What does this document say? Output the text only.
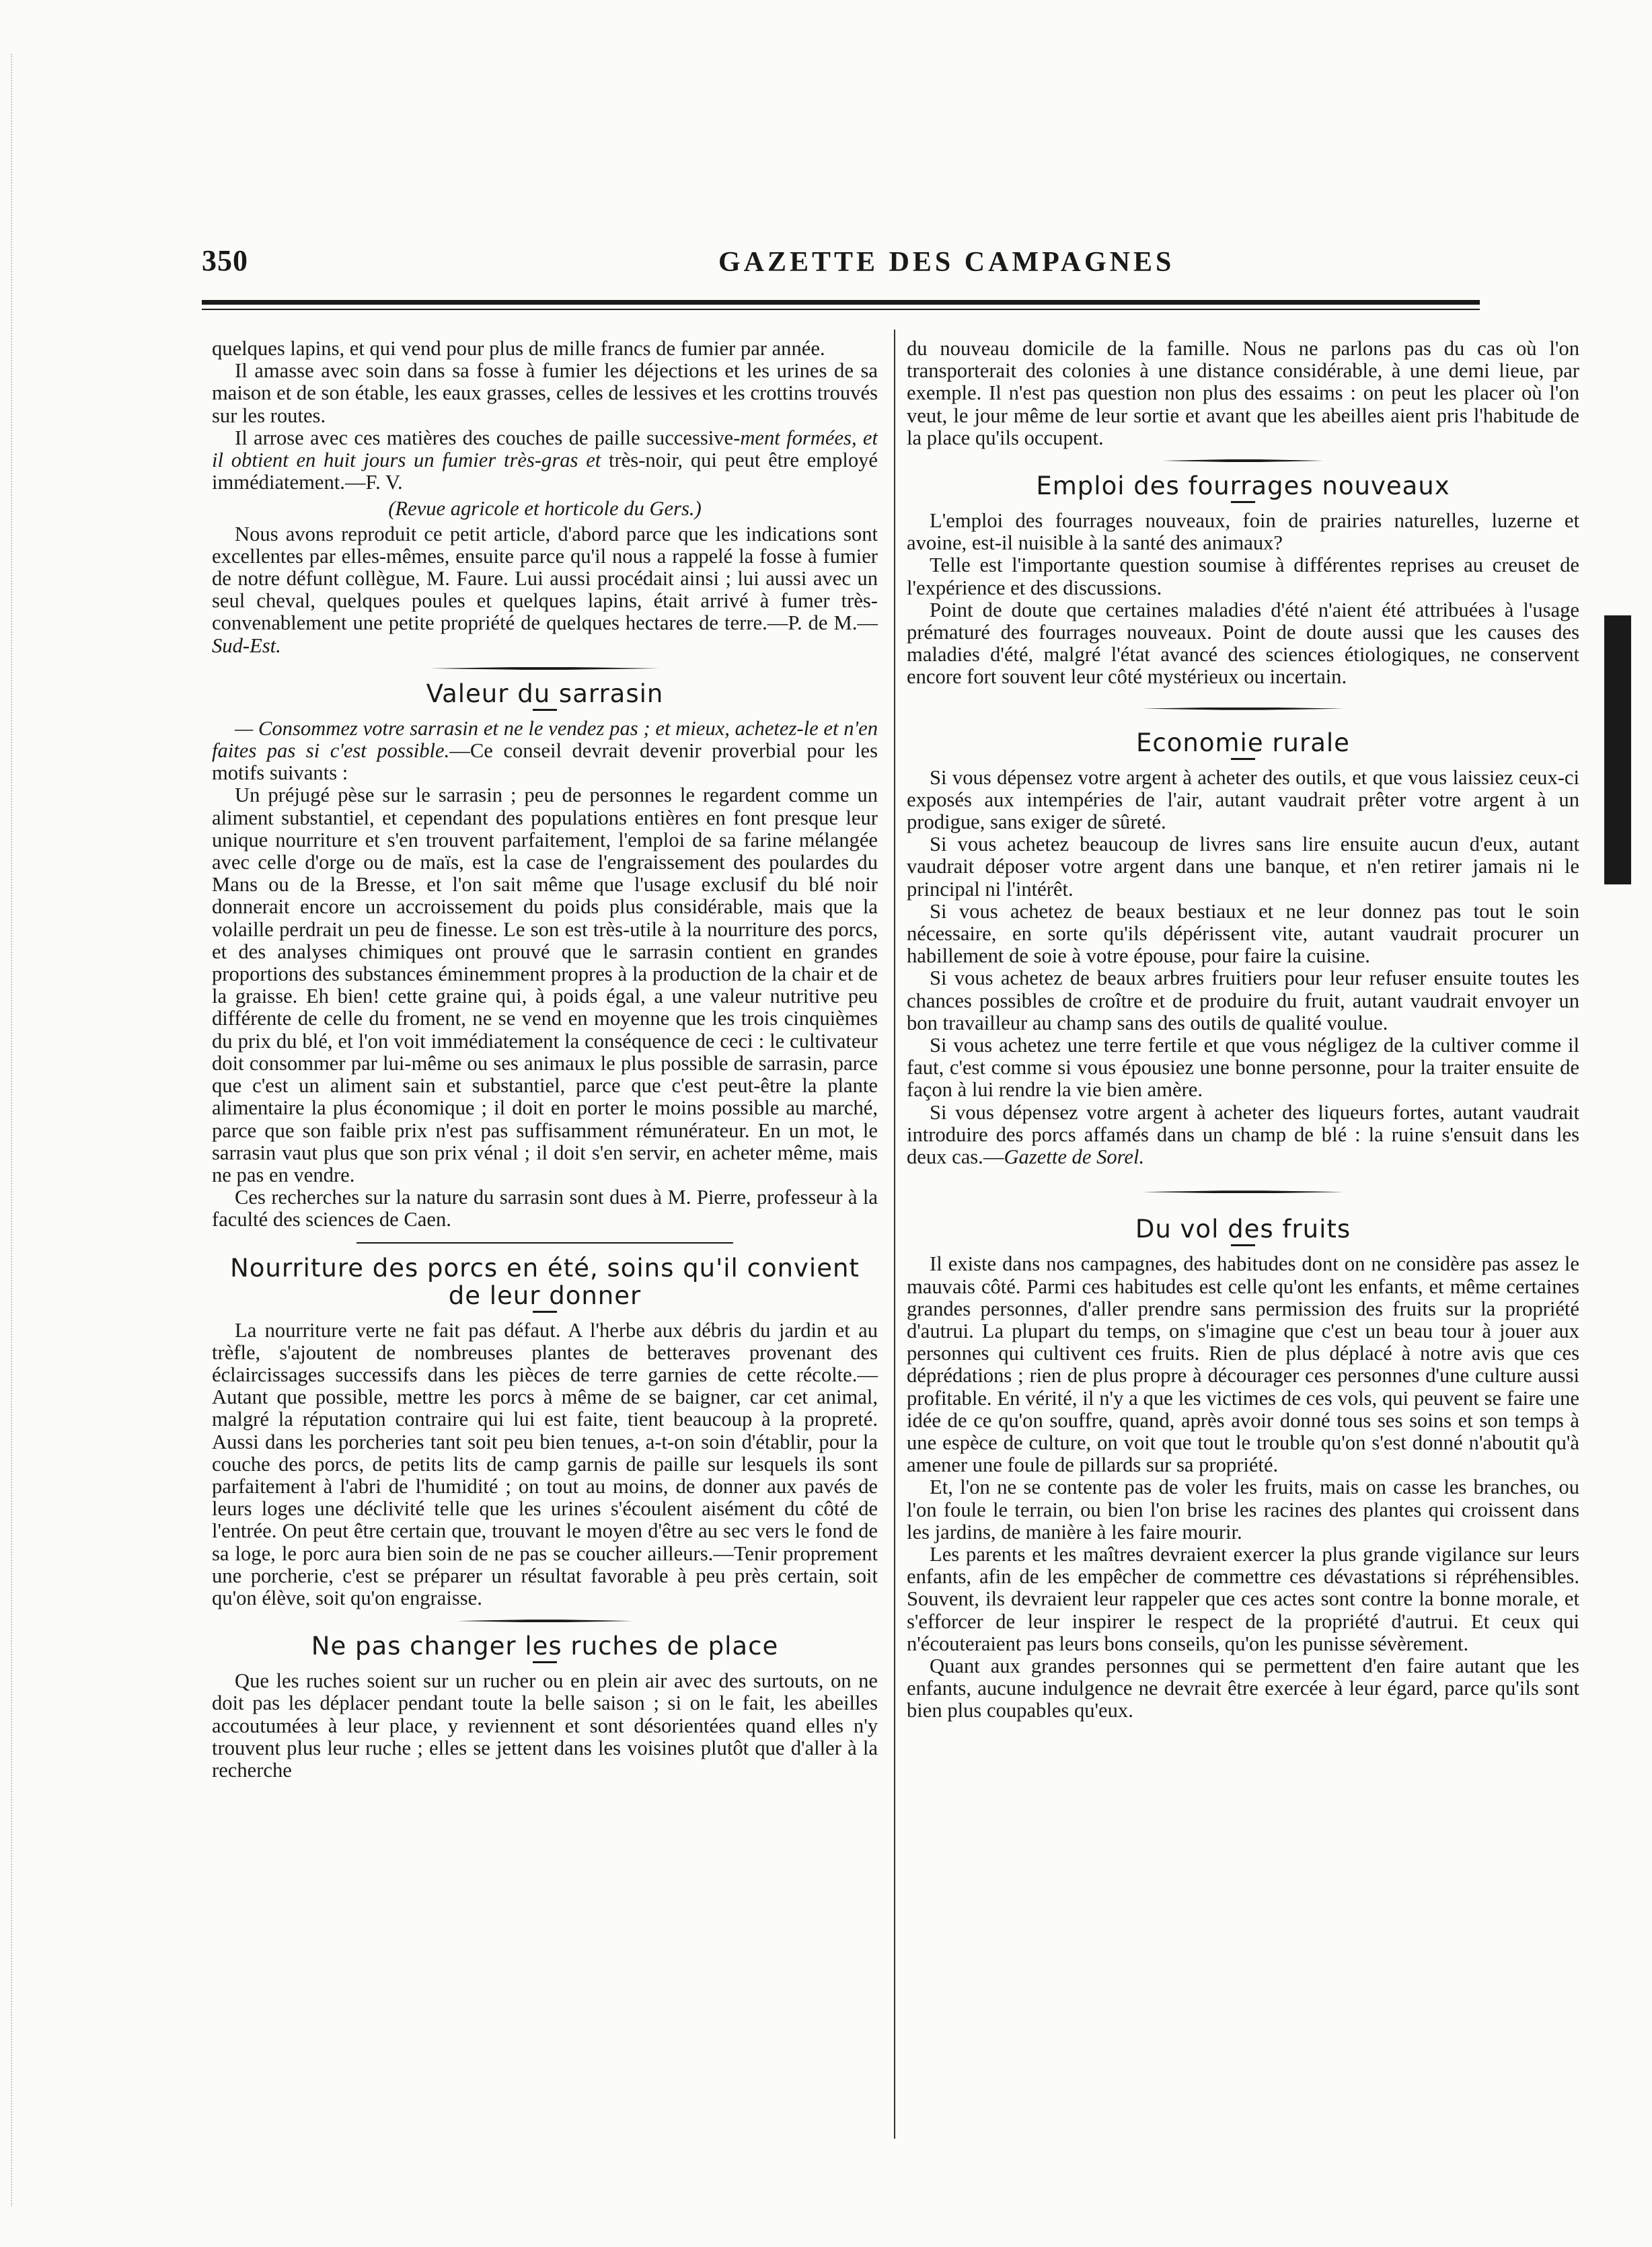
350	GAZETTE DES CAMPAGNES

quelques lapins, et qui vend pour plus de mille francs de fumier par année.

Il amasse avec soin dans sa fosse à fumier les déjections et les urines de sa maison et de son étable, les eaux grasses, celles de lessives et les crottins trouvés sur les routes.

Il arrose avec ces matières des couches de paille successive-ment formées, et il obtient en huit jours un fumier très-gras et très-noir, qui peut être employé immédiatement.—F. V.

(Revue agricole et horticole du Gers.)

Nous avons reproduit ce petit article, d'abord parce que les indications sont excellentes par elles-mêmes, ensuite parce qu'il nous a rappelé la fosse à fumier de notre défunt collègue, M. Faure. Lui aussi procédait ainsi ; lui aussi avec un seul cheval, quelques poules et quelques lapins, était arrivé à fumer très-convenablement une petite propriété de quelques hectares de terre.—P. de M.—Sud-Est.

Valeur du sarrasin

— Consommez votre sarrasin et ne le vendez pas ; et mieux, achetez-le et n'en faites pas si c'est possible.—Ce conseil devrait devenir proverbial pour les motifs suivants :

Un préjugé pèse sur le sarrasin ; peu de personnes le regardent comme un aliment substantiel, et cependant des populations entières en font presque leur unique nourriture et s'en trouvent parfaitement, l'emploi de sa farine mélangée avec celle d'orge ou de maïs, est la case de l'engraissement des poulardes du Mans ou de la Bresse, et l'on sait même que l'usage exclusif du blé noir donnerait encore un accroissement du poids plus considérable, mais que la volaille perdrait un peu de finesse. Le son est très-utile à la nourriture des porcs, et des analyses chimiques ont prouvé que le sarrasin contient en grandes proportions des substances éminemment propres à la production de la chair et de la graisse. Eh bien! cette graine qui, à poids égal, a une valeur nutritive peu différente de celle du froment, ne se vend en moyenne que les trois cinquièmes du prix du blé, et l'on voit immédiatement la conséquence de ceci : le cultivateur doit consommer par lui-même ou ses animaux le plus possible de sarrasin, parce que c'est un aliment sain et substantiel, parce que c'est peut-être la plante alimentaire la plus économique ; il doit en porter le moins possible au marché, parce que son faible prix n'est pas suffisamment rémunérateur. En un mot, le sarrasin vaut plus que son prix vénal ; il doit s'en servir, en acheter même, mais ne pas en vendre.

Ces recherches sur la nature du sarrasin sont dues à M. Pierre, professeur à la faculté des sciences de Caen.

Nourriture des porcs en été, soins qu'il convient de leur donner

La nourriture verte ne fait pas défaut. A l'herbe aux débris du jardin et au trèfle, s'ajoutent de nombreuses plantes de betteraves provenant des éclaircissages successifs dans les pièces de terre garnies de cette récolte.—Autant que possible, mettre les porcs à même de se baigner, car cet animal, malgré la réputation contraire qui lui est faite, tient beaucoup à la propreté. Aussi dans les porcheries tant soit peu bien tenues, a-t-on soin d'établir, pour la couche des porcs, de petits lits de camp garnis de paille sur lesquels ils sont parfaitement à l'abri de l'humidité ; on tout au moins, de donner aux pavés de leurs loges une déclivité telle que les urines s'écoulent aisément du côté de l'entrée. On peut être certain que, trouvant le moyen d'être au sec vers le fond de sa loge, le porc aura bien soin de ne pas se coucher ailleurs.—Tenir proprement une porcherie, c'est se préparer un résultat favorable à peu près certain, soit qu'on élève, soit qu'on engraisse.

Ne pas changer les ruches de place

Que les ruches soient sur un rucher ou en plein air avec des surtouts, on ne doit pas les déplacer pendant toute la belle saison ; si on le fait, les abeilles accoutumées à leur place, y reviennent et sont désorientées quand elles n'y trouvent plus leur ruche ; elles se jettent dans les voisines plutôt que d'aller à la recherche

du nouveau domicile de la famille. Nous ne parlons pas du cas où l'on transporterait des colonies à une distance considérable, à une demi lieue, par exemple. Il n'est pas question non plus des essaims : on peut les placer où l'on veut, le jour même de leur sortie et avant que les abeilles aient pris l'habitude de la place qu'ils occupent.

Emploi des fourrages nouveaux

L'emploi des fourrages nouveaux, foin de prairies naturelles, luzerne et avoine, est-il nuisible à la santé des animaux?

Telle est l'importante question soumise à différentes reprises au creuset de l'expérience et des discussions.

Point de doute que certaines maladies d'été n'aient été attribuées à l'usage prématuré des fourrages nouveaux. Point de doute aussi que les causes des maladies d'été, malgré l'état avancé des sciences étiologiques, ne conservent encore fort souvent leur côté mystérieux ou incertain.

Economie rurale

Si vous dépensez votre argent à acheter des outils, et que vous laissiez ceux-ci exposés aux intempéries de l'air, autant vaudrait prêter votre argent à un prodigue, sans exiger de sûreté.

Si vous achetez beaucoup de livres sans lire ensuite aucun d'eux, autant vaudrait déposer votre argent dans une banque, et n'en retirer jamais ni le principal ni l'intérêt.

Si vous achetez de beaux bestiaux et ne leur donnez pas tout le soin nécessaire, en sorte qu'ils dépérissent vite, autant vaudrait procurer un habillement de soie à votre épouse, pour faire la cuisine.

Si vous achetez de beaux arbres fruitiers pour leur refuser ensuite toutes les chances possibles de croître et de produire du fruit, autant vaudrait envoyer un bon travailleur au champ sans des outils de qualité voulue.

Si vous achetez une terre fertile et que vous négligez de la cultiver comme il faut, c'est comme si vous épousiez une bonne personne, pour la traiter ensuite de façon à lui rendre la vie bien amère.

Si vous dépensez votre argent à acheter des liqueurs fortes, autant vaudrait introduire des porcs affamés dans un champ de blé : la ruine s'ensuit dans les deux cas.—Gazette de Sorel.

Du vol des fruits

Il existe dans nos campagnes, des habitudes dont on ne considère pas assez le mauvais côté. Parmi ces habitudes est celle qu'ont les enfants, et même certaines grandes personnes, d'aller prendre sans permission des fruits sur la propriété d'autrui. La plupart du temps, on s'imagine que c'est un beau tour à jouer aux personnes qui cultivent ces fruits. Rien de plus déplacé à notre avis que ces déprédations ; rien de plus propre à décourager ces personnes d'une culture aussi profitable. En vérité, il n'y a que les victimes de ces vols, qui peuvent se faire une idée de ce qu'on souffre, quand, après avoir donné tous ses soins et son temps à une espèce de culture, on voit que tout le trouble qu'on s'est donné n'aboutit qu'à amener une foule de pillards sur sa propriété.

Et, l'on ne se contente pas de voler les fruits, mais on casse les branches, ou l'on foule le terrain, ou bien l'on brise les racines des plantes qui croissent dans les jardins, de manière à les faire mourir.

Les parents et les maîtres devraient exercer la plus grande vigilance sur leurs enfants, afin de les empêcher de commettre ces dévastations si répréhensibles. Souvent, ils devraient leur rappeler que ces actes sont contre la bonne morale, et s'efforcer de leur inspirer le respect de la propriété d'autrui. Et ceux qui n'écouteraient pas leurs bons conseils, qu'on les punisse sévèrement.

Quant aux grandes personnes qui se permettent d'en faire autant que les enfants, aucune indulgence ne devrait être exercée à leur égard, parce qu'ils sont bien plus coupables qu'eux.
